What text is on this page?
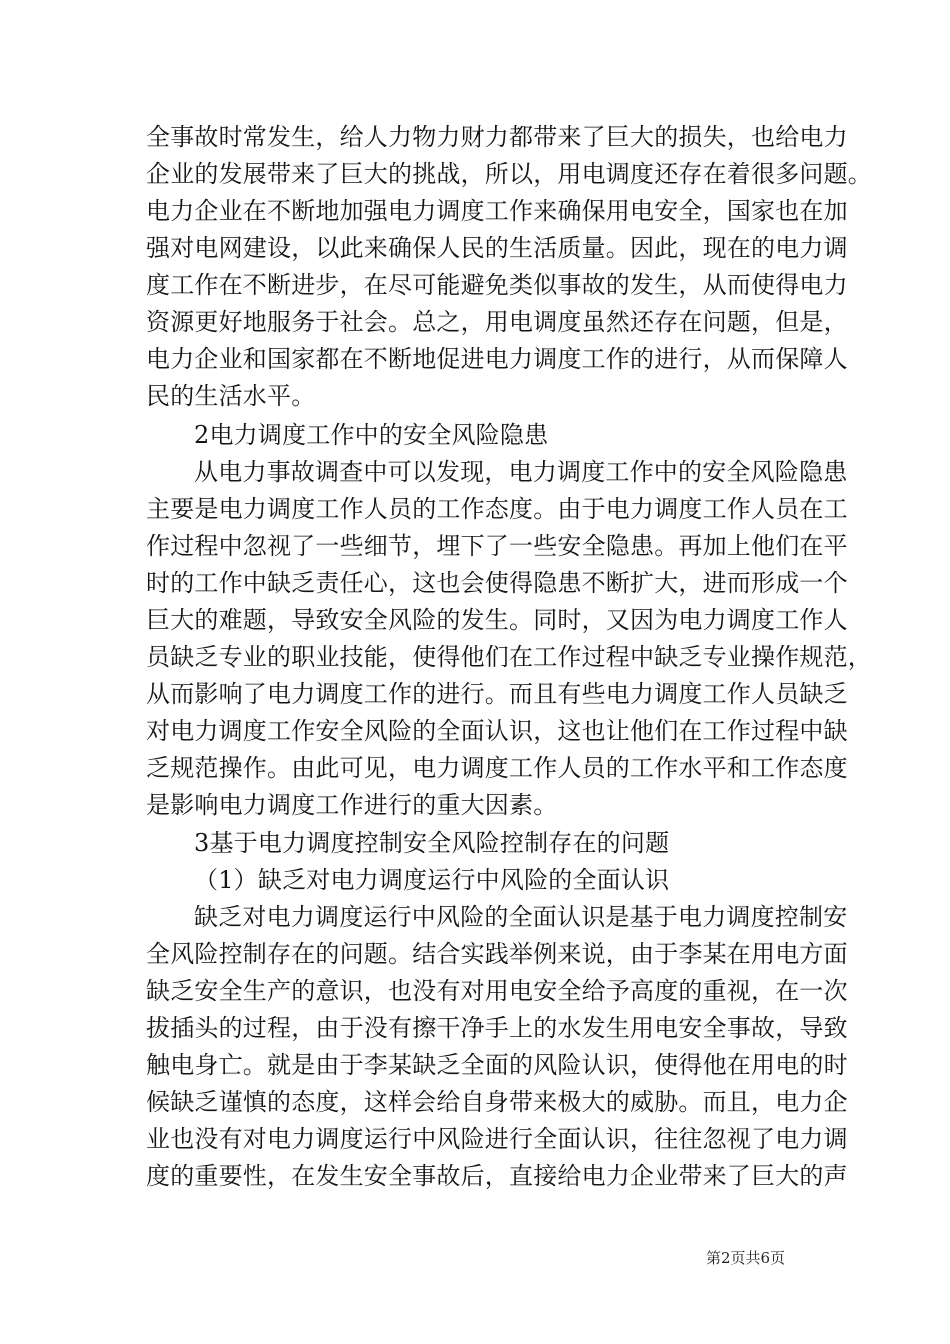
全事故时常发生，给人力物力财力都带来了巨大的损失，也给电力
企业的发展带来了巨大的挑战，所以，用电调度还存在着很多问题。
电力企业在不断地加强电力调度工作来确保用电安全，国家也在加
强对电网建设，以此来确保人民的生活质量。因此，现在的电力调
度工作在不断进步，在尽可能避免类似事故的发生，从而使得电力
资源更好地服务于社会。总之，用电调度虽然还存在问题，但是，
电力企业和国家都在不断地促进电力调度工作的进行，从而保障人
民的生活水平。
2电力调度工作中的安全风险隐患
从电力事故调查中可以发现，电力调度工作中的安全风险隐患
主要是电力调度工作人员的工作态度。由于电力调度工作人员在工
作过程中忽视了一些细节，埋下了一些安全隐患。再加上他们在平
时的工作中缺乏责任心，这也会使得隐患不断扩大，进而形成一个
巨大的难题，导致安全风险的发生。同时，又因为电力调度工作人
员缺乏专业的职业技能，使得他们在工作过程中缺乏专业操作规范，
从而影响了电力调度工作的进行。而且有些电力调度工作人员缺乏
对电力调度工作安全风险的全面认识，这也让他们在工作过程中缺
乏规范操作。由此可见，电力调度工作人员的工作水平和工作态度
是影响电力调度工作进行的重大因素。
3基于电力调度控制安全风险控制存在的问题
（1）缺乏对电力调度运行中风险的全面认识
缺乏对电力调度运行中风险的全面认识是基于电力调度控制安
全风险控制存在的问题。结合实践举例来说，由于李某在用电方面
缺乏安全生产的意识，也没有对用电安全给予高度的重视，在一次
拔插头的过程，由于没有擦干净手上的水发生用电安全事故，导致
触电身亡。就是由于李某缺乏全面的风险认识，使得他在用电的时
候缺乏谨慎的态度，这样会给自身带来极大的威胁。而且，电力企
业也没有对电力调度运行中风险进行全面认识，往往忽视了电力调
度的重要性，在发生安全事故后，直接给电力企业带来了巨大的声
第2页共6页
